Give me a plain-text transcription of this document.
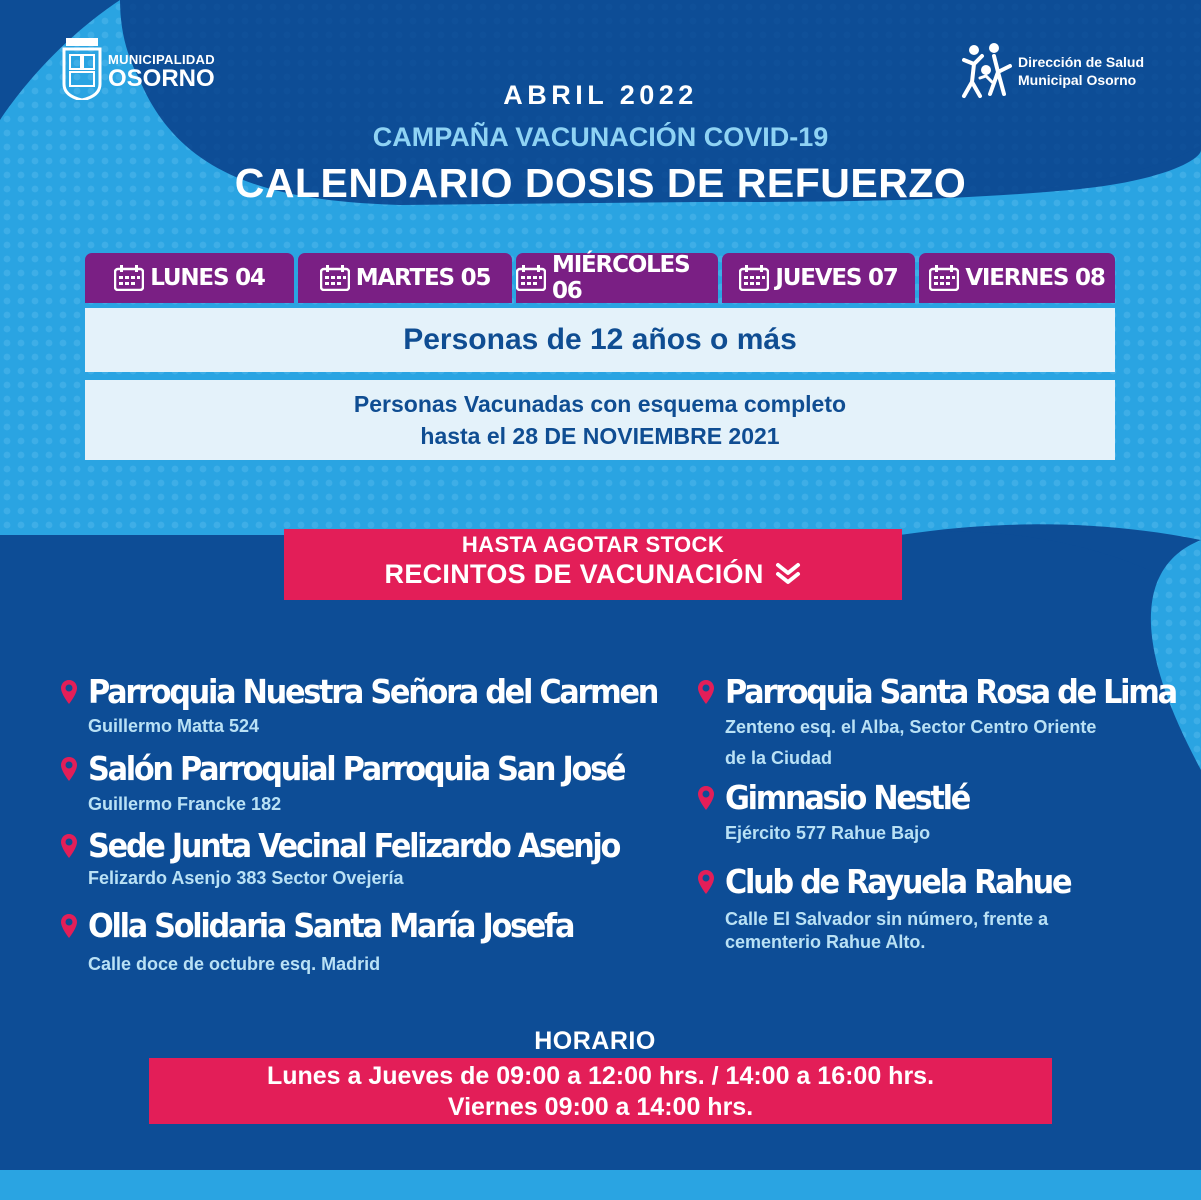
MUNICIPALIDAD
OSORNO
Dirección de Salud
Municipal Osorno
ABRIL 2022
CAMPAÑA VACUNACIÓN COVID-19
CALENDARIO DOSIS DE REFUERZO
LUNES 04	MARTES 05	MIÉRCOLES 06	JUEVES 07	VIERNES 08
Personas de 12 años o más
Personas Vacunadas con esquema completo
hasta el 28 DE NOVIEMBRE 2021
HASTA AGOTAR STOCK
RECINTOS DE VACUNACIÓN
Parroquia Nuestra Señora del Carmen
Guillermo Matta 524
Salón Parroquial Parroquia San José
Guillermo Francke 182
Sede Junta Vecinal Felizardo Asenjo
Felizardo Asenjo 383 Sector Ovejería
Olla Solidaria Santa María Josefa
Calle doce de octubre esq. Madrid
Parroquia Santa Rosa de Lima
Zenteno esq. el Alba, Sector Centro Oriente
de la Ciudad
Gimnasio Nestlé
Ejército 577 Rahue Bajo
Club de Rayuela Rahue
Calle El Salvador sin número, frente a
cementerio Rahue Alto.
HORARIO
Lunes a Jueves de 09:00 a 12:00 hrs. / 14:00 a 16:00 hrs.
Viernes 09:00 a 14:00 hrs.
